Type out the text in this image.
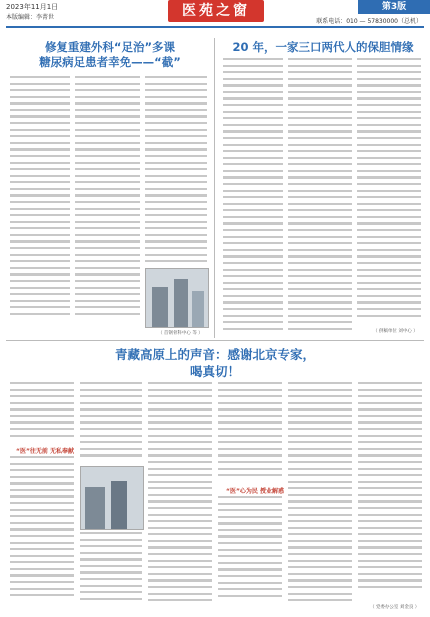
2023年11月1日
本版编辑：李菁世	医苑之窗	第3版
联系电话：010 — 57830000（总机）
修复重建外科“足治”多课
糖尿病足患者幸免——“截”
（ 首钢骨科中心 等 ）
20 年，一家三口两代人的保胆情缘
（ 供稿单位 刘中心 ）
青藏高原上的声音：感谢北京专家，
喝真切！
“医”往无前 无私奉献
“医”心为民 授业解惑
（ 党委办公室 刘金良 ）
